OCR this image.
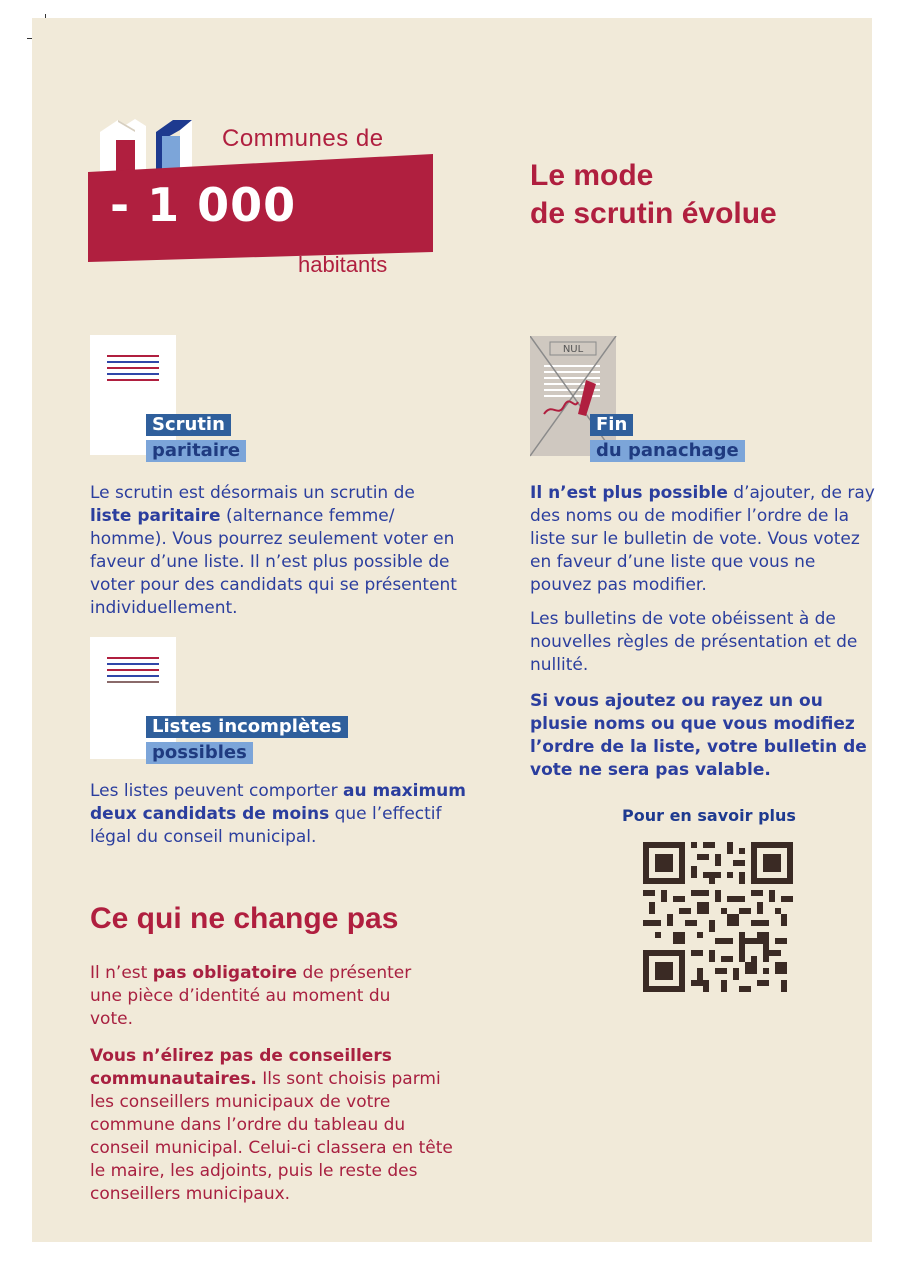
Communes de
- 1 000
habitants
Le mode
de scrutin évolue
Scrutin
paritaire
Le scrutin est désormais un scrutin de liste paritaire (alternance femme/ homme). Vous pourrez seulement voter en faveur d’une liste. Il n’est plus possible de voter pour des candidats qui se présentent individuellement.
Listes incomplètes
possibles
Les listes peuvent comporter au maximum deux candidats de moins que l’effectif légal du conseil municipal.
Ce qui ne change pas
Il n’est pas obligatoire de présenter une pièce d’identité au moment du vote.
Vous n’élirez pas de conseillers communautaires. Ils sont choisis parmi les conseillers municipaux de votre commune dans l’ordre du tableau du conseil municipal. Celui-ci classera en tête le maire, les adjoints, puis le reste des conseillers municipaux.
NUL
Fin
du panachage
Il n’est plus possible d’ajouter, de ray des noms ou de modifier l’ordre de la liste sur le bulletin de vote. Vous votez en faveur d’une liste que vous ne pouvez pas modifier.
Les bulletins de vote obéissent à de nouvelles règles de présentation et de nullité.
Si vous ajoutez ou rayez un ou plusie noms ou que vous modifiez l’ordre de la liste, votre bulletin de vote ne sera pas valable.
Pour en savoir plus
